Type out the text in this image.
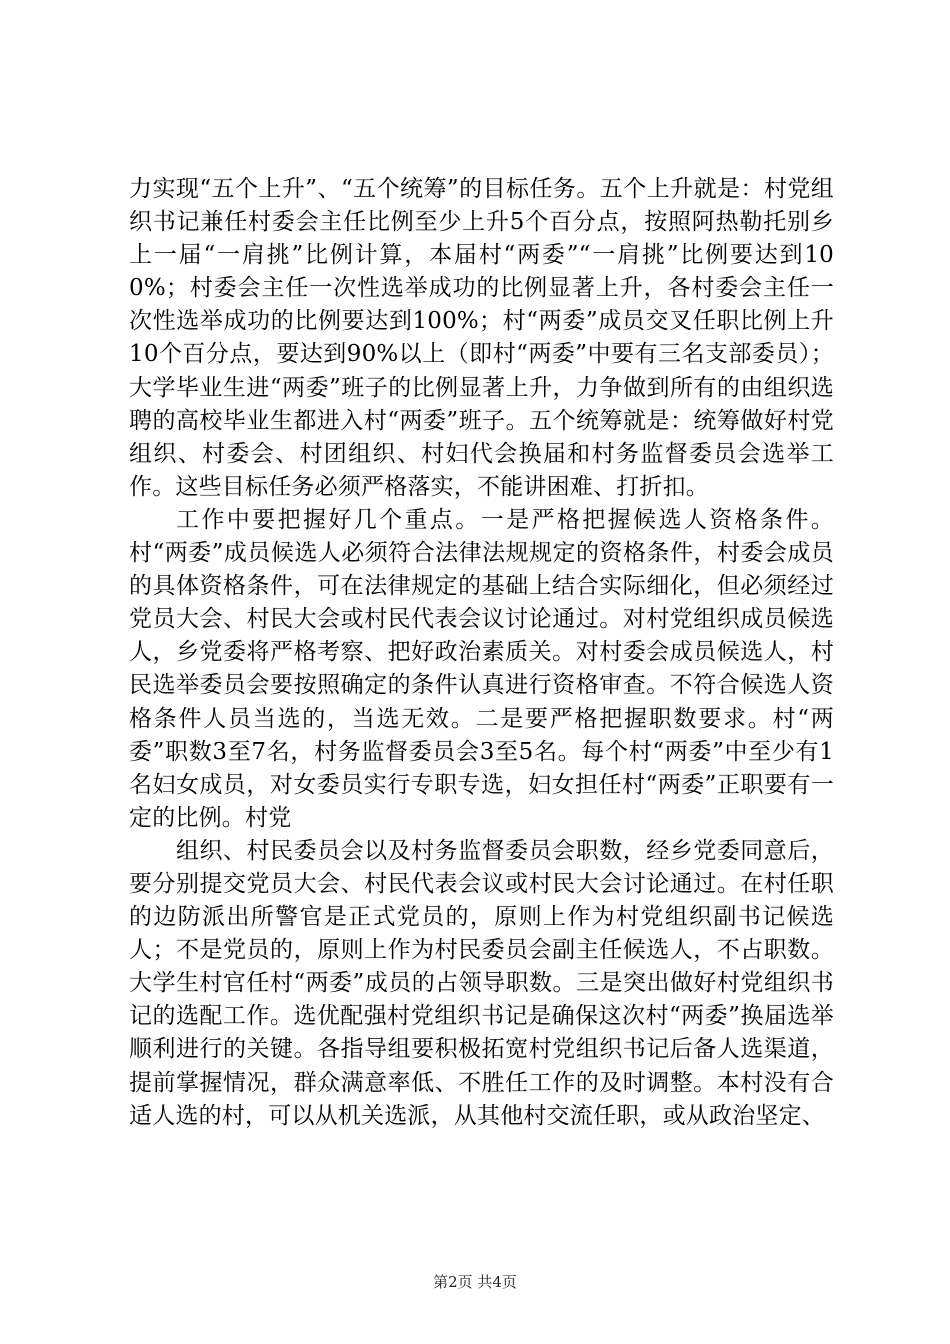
力实现“五个上升”、“五个统筹”的目标任务。五个上升就是：村党组织书记兼任村委会主任比例至少上升5个百分点，按照阿热勒托别乡上一届“一肩挑”比例计算，本届村“两委”“一肩挑”比例要达到100%；村委会主任一次性选举成功的比例显著上升，各村委会主任一次性选举成功的比例要达到100%；村“两委”成员交叉任职比例上升10个百分点，要达到90%以上（即村“两委”中要有三名支部委员）；大学毕业生进“两委”班子的比例显著上升，力争做到所有的由组织选聘的高校毕业生都进入村“两委”班子。五个统筹就是：统筹做好村党组织、村委会、村团组织、村妇代会换届和村务监督委员会选举工作。这些目标任务必须严格落实，不能讲困难、打折扣。

工作中要把握好几个重点。一是严格把握候选人资格条件。村“两委”成员候选人必须符合法律法规规定的资格条件，村委会成员的具体资格条件，可在法律规定的基础上结合实际细化，但必须经过党员大会、村民大会或村民代表会议讨论通过。对村党组织成员候选人，乡党委将严格考察、把好政治素质关。对村委会成员候选人，村民选举委员会要按照确定的条件认真进行资格审查。不符合候选人资格条件人员当选的，当选无效。二是要严格把握职数要求。村“两委”职数3至7名，村务监督委员会3至5名。每个村“两委”中至少有1名妇女成员，对女委员实行专职专选，妇女担任村“两委”正职要有一定的比例。村党

组织、村民委员会以及村务监督委员会职数，经乡党委同意后，要分别提交党员大会、村民代表会议或村民大会讨论通过。在村任职的边防派出所警官是正式党员的，原则上作为村党组织副书记候选人；不是党员的，原则上作为村民委员会副主任候选人，不占职数。大学生村官任村“两委”成员的占领导职数。三是突出做好村党组织书记的选配工作。选优配强村党组织书记是确保这次村“两委”换届选举顺利进行的关键。各指导组要积极拓宽村党组织书记后备人选渠道，提前掌握情况，群众满意率低、不胜任工作的及时调整。本村没有合适人选的村，可以从机关选派，从其他村交流任职，或从政治坚定、

第2页 共4页
